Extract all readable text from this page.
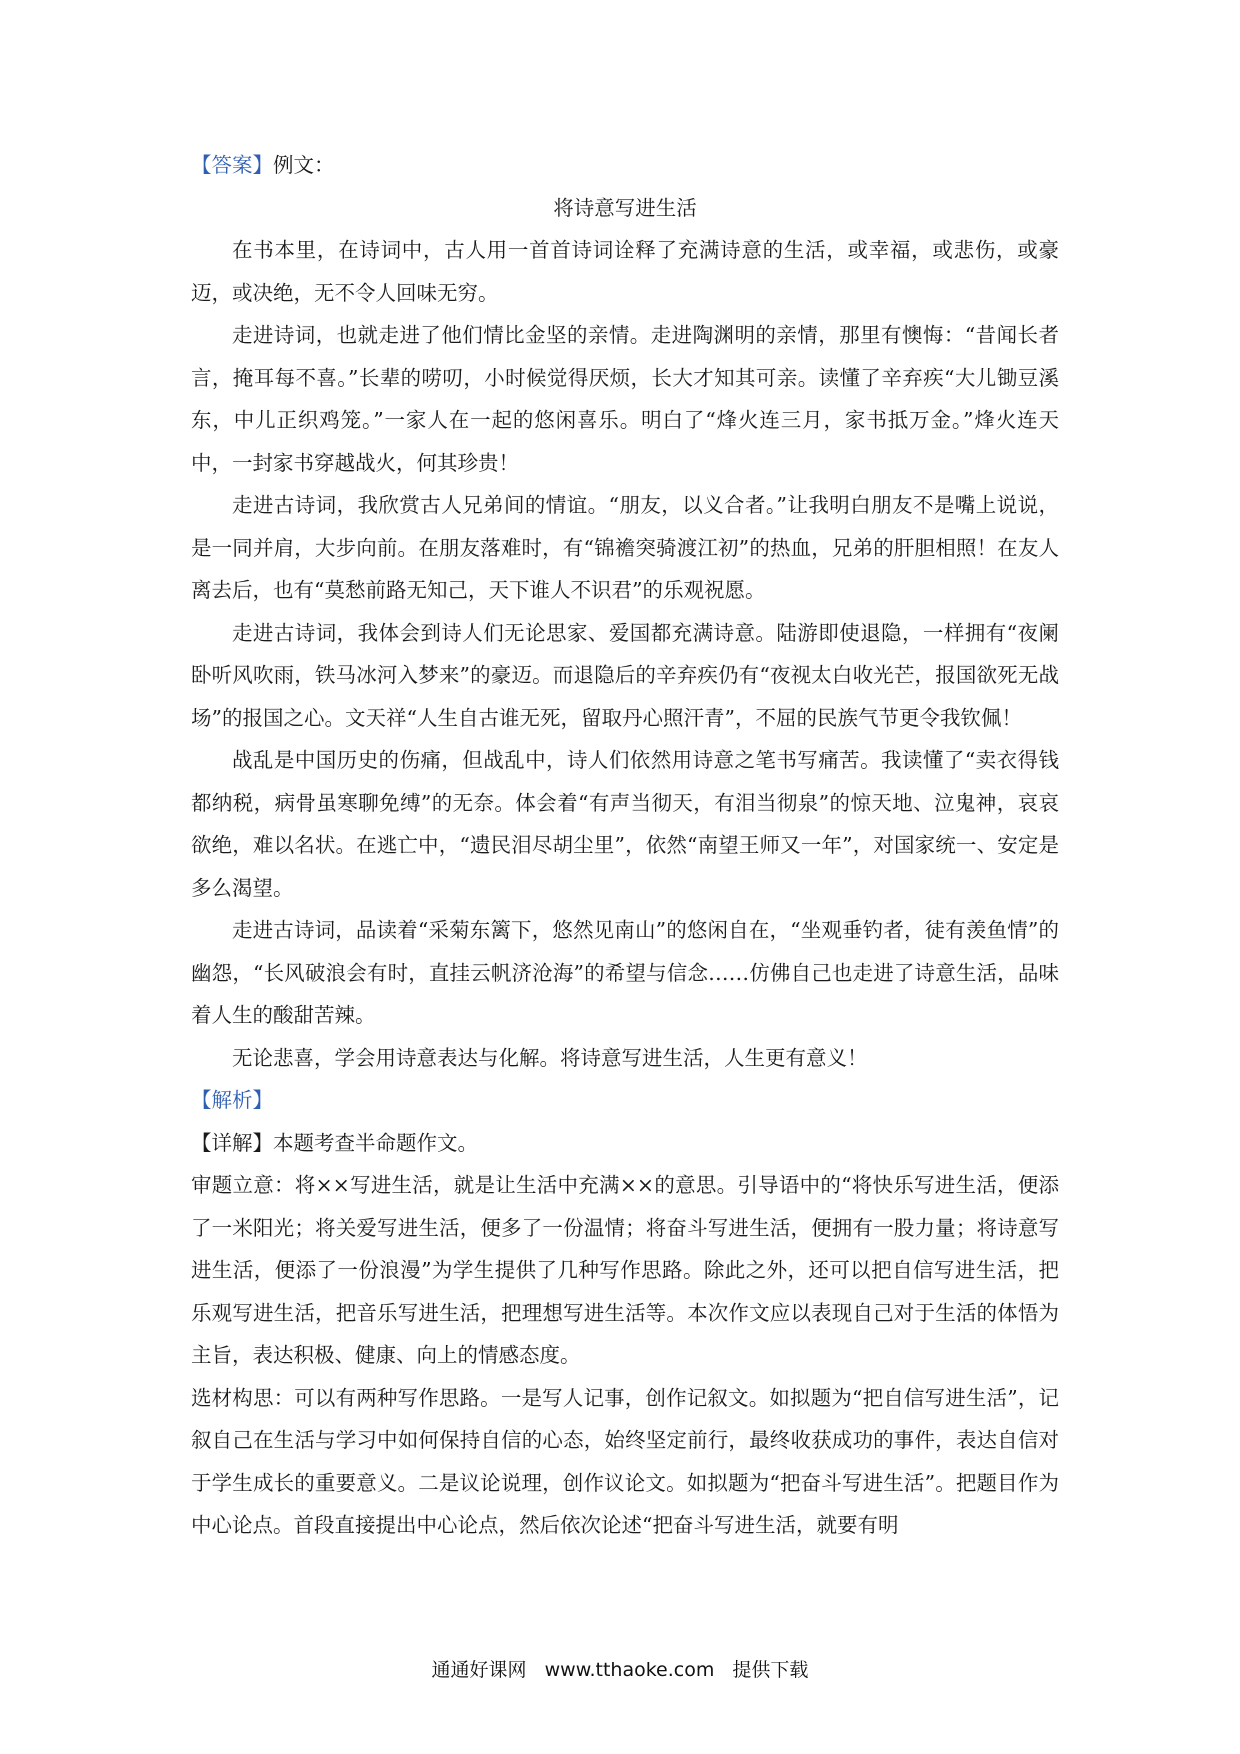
【答案】例文：

将诗意写进生活

在书本里，在诗词中，古人用一首首诗词诠释了充满诗意的生活，或幸福，或悲伤，或豪迈，或决绝，无不令人回味无穷。

走进诗词，也就走进了他们情比金坚的亲情。走进陶渊明的亲情，那里有懊悔：“昔闻长者言，掩耳每不喜。”长辈的唠叨，小时候觉得厌烦，长大才知其可亲。读懂了辛弃疾“大儿锄豆溪东，中儿正织鸡笼。”一家人在一起的悠闲喜乐。明白了“烽火连三月，家书抵万金。”烽火连天中，一封家书穿越战火，何其珍贵！

走进古诗词，我欣赏古人兄弟间的情谊。“朋友，以义合者。”让我明白朋友不是嘴上说说，是一同并肩，大步向前。在朋友落难时，有“锦襜突骑渡江初”的热血，兄弟的肝胆相照！在友人离去后，也有“莫愁前路无知己，天下谁人不识君”的乐观祝愿。

走进古诗词，我体会到诗人们无论思家、爱国都充满诗意。陆游即使退隐，一样拥有“夜阑卧听风吹雨，铁马冰河入梦来”的豪迈。而退隐后的辛弃疾仍有“夜视太白收光芒，报国欲死无战场”的报国之心。文天祥“人生自古谁无死，留取丹心照汗青”，不屈的民族气节更令我钦佩！

战乱是中国历史的伤痛，但战乱中，诗人们依然用诗意之笔书写痛苦。我读懂了“卖衣得钱都纳税，病骨虽寒聊免缚”的无奈。体会着“有声当彻天，有泪当彻泉”的惊天地、泣鬼神，哀哀欲绝，难以名状。在逃亡中，“遗民泪尽胡尘里”，依然“南望王师又一年”，对国家统一、安定是多么渴望。

走进古诗词，品读着“采菊东篱下，悠然见南山”的悠闲自在，“坐观垂钓者，徒有羡鱼情”的幽怨，“长风破浪会有时，直挂云帆济沧海”的希望与信念……仿佛自己也走进了诗意生活，品味着人生的酸甜苦辣。

无论悲喜，学会用诗意表达与化解。将诗意写进生活，人生更有意义！

【解析】

【详解】本题考查半命题作文。

审题立意：将××写进生活，就是让生活中充满××的意思。引导语中的“将快乐写进生活，便添了一米阳光；将关爱写进生活，便多了一份温情；将奋斗写进生活，便拥有一股力量；将诗意写进生活，便添了一份浪漫”为学生提供了几种写作思路。除此之外，还可以把自信写进生活，把乐观写进生活，把音乐写进生活，把理想写进生活等。本次作文应以表现自己对于生活的体悟为主旨，表达积极、健康、向上的情感态度。

选材构思：可以有两种写作思路。一是写人记事，创作记叙文。如拟题为“把自信写进生活”，记叙自己在生活与学习中如何保持自信的心态，始终坚定前行，最终收获成功的事件，表达自信对于学生成长的重要意义。二是议论说理，创作议论文。如拟题为“把奋斗写进生活”。把题目作为中心论点。首段直接提出中心论点，然后依次论述“把奋斗写进生活，就要有明

通通好课网 www.tthaoke.com 提供下载
